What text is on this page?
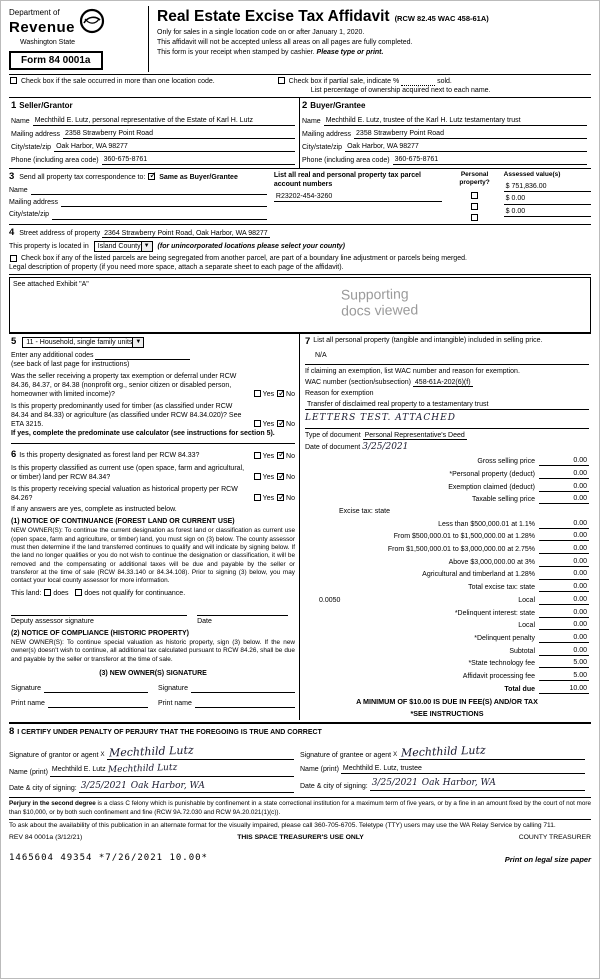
Department of
Revenue
Washington State
Form 84 0001a
Real Estate Excise Tax Affidavit (RCW 82.45 WAC 458-61A)
Only for sales in a single location code on or after January 1, 2020.
This affidavit will not be accepted unless all areas on all pages are fully completed.
This form is your receipt when stamped by cashier. Please type or print.
Check box if the sale occurred in more than one location code.	Check box if partial sale, indicate %	sold.
List percentage of ownership acquired next to each name.
1 Seller/Grantor
Name Mechthild E. Lutz, personal representative of the Estate of Karl H. Lutz
Mailing address 2358 Strawberry Point Road
City/state/zip Oak Harbor, WA 98277
Phone (including area code) 360-675-8761
2 Buyer/Grantee
Name Mechthild E. Lutz, trustee of the Karl H. Lutz testamentary trust
Mailing address 2358 Strawberry Point Road
City/state/zip Oak Harbor, WA 98277
Phone (including area code) 360-675-8761
3 Send all property tax correspondence to: ✓ Same as Buyer/Grantee
Name
Mailing address
City/state/zip
List all real and personal property tax parcel account numbers
R23202-454-3260
Personal property?
Assessed value(s)
$ 751,836.00
$ 0.00
$ 0.00
4 Street address of property 2364 Strawberry Point Road, Oak Harbor, WA 98277
This property is located in Island County ▼ (for unincorporated locations please select your county)
Check box if any of the listed parcels are being segregated from another parcel, are part of a boundary line adjustment or parcels being merged.
Legal description of property (if you need more space, attach a separate sheet to each page of the affidavit).
See attached Exhibit "A"
Supporting
docs viewed
5 11 - Household, single family units ▼
Enter any additional codes
(see back of last page for instructions)
Was the seller receiving a property tax exemption or deferral under RCW 84.36, 84.37, or 84.38 (nonprofit org., senior citizen or disabled person, homeowner with limited income)?	Yes ✓ No
Is this property predominantly used for timber (as classified under RCW 84.34 and 84.33) or agriculture (as classified under RCW 84.34.020)? See ETA 3215.	Yes ✓ No
If yes, complete the predominate use calculator (see instructions for section 5).
6 Is this property designated as forest land per RCW 84.33?	Yes ✓ No
Is this property classified as current use (open space, farm and agricultural, or timber) land per RCW 84.34?	Yes ✓ No
Is this property receiving special valuation as historical property per RCW 84.26?	Yes ✓ No
If any answers are yes, complete as instructed below.
(1) NOTICE OF CONTINUANCE (FOREST LAND OR CURRENT USE)
NEW OWNER(S): To continue the current designation as forest land or classification as current use (open space, farm and agriculture, or timber) land, you must sign on (3) below. The county assessor must then determine if the land transferred continues to qualify and will indicate by signing below. If the land no longer qualifies or you do not wish to continue the designation or classification, it will be removed and the compensating or additional taxes will be due and payable by the seller or transferor at the time of sale (RCW 84.33.140 or 84.34.108). Prior to signing (3) below, you may contact your local county assessor for more information.
This land: does does not qualify for continuance.
Deputy assessor signature	Date
(2) NOTICE OF COMPLIANCE (HISTORIC PROPERTY)
NEW OWNER(S): To continue special valuation as historic property, sign (3) below. If the new owner(s) doesn't wish to continue, all additional tax calculated pursuant to RCW 84.26, shall be due and payable by the seller or transferor at the time of sale.
(3) NEW OWNER(S) SIGNATURE
Signature	Signature
Print name	Print name
7 List all personal property (tangible and intangible) included in selling price.
N/A
If claiming an exemption, list WAC number and reason for exemption.
WAC number (section/subsection) 458-61A-202(6)(f)
Reason for exemption
Transfer of disclaimed real property to a testamentary trust
LETTERS TEST. ATTACHED
Type of document Personal Representative's Deed
Date of document 3/25/2021
Gross selling price	0.00
*Personal property (deduct)	0.00
Exemption claimed (deduct)	0.00
Taxable selling price	0.00
Excise tax: state
Less than $500,000.01 at 1.1%	0.00
From $500,000.01 to $1,500,000.00 at 1.28%	0.00
From $1,500,000.01 to $3,000,000.00 at 2.75%	0.00
Above $3,000,000.00 at 3%	0.00
Agricultural and timberland at 1.28%	0.00
Total excise tax: state	0.00
0.0050	Local	0.00
*Delinquent interest: state	0.00
Local	0.00
*Delinquent penalty	0.00
Subtotal	0.00
*State technology fee	5.00
Affidavit processing fee	5.00
Total due	10.00
A MINIMUM OF $10.00 IS DUE IN FEE(S) AND/OR TAX
*SEE INSTRUCTIONS
8 I CERTIFY UNDER PENALTY OF PERJURY THAT THE FOREGOING IS TRUE AND CORRECT
Signature of grantor or agent X Mechthild Lutz
Name (print) Mechthild E. Lutz Mechthild Lutz
Date & city of signing: 3/25/2021 Oak Harbor, WA
Signature of grantee or agent X Mechthild Lutz
Name (print) Mechthild E. Lutz, trustee
Date & city of signing: 3/25/2021 Oak Harbor, WA
Perjury in the second degree is a class C felony which is punishable by confinement in a state correctional institution for a maximum term of five years, or by a fine in an amount fixed by the court of not more than $10,000, or by both such confinement and fine (RCW 9A.72.030 and RCW 9A.20.021(1)(c)).
To ask about the availability of this publication in an alternate format for the visually impaired, please call 360-705-6705. Teletype (TTY) users may use the WA Relay Service by calling 711.
REV 84 0001a (3/12/21)	THIS SPACE TREASURER'S USE ONLY	COUNTY TREASURER
1465604 49354 *7/26/2021 10.00*	Print on legal size paper
